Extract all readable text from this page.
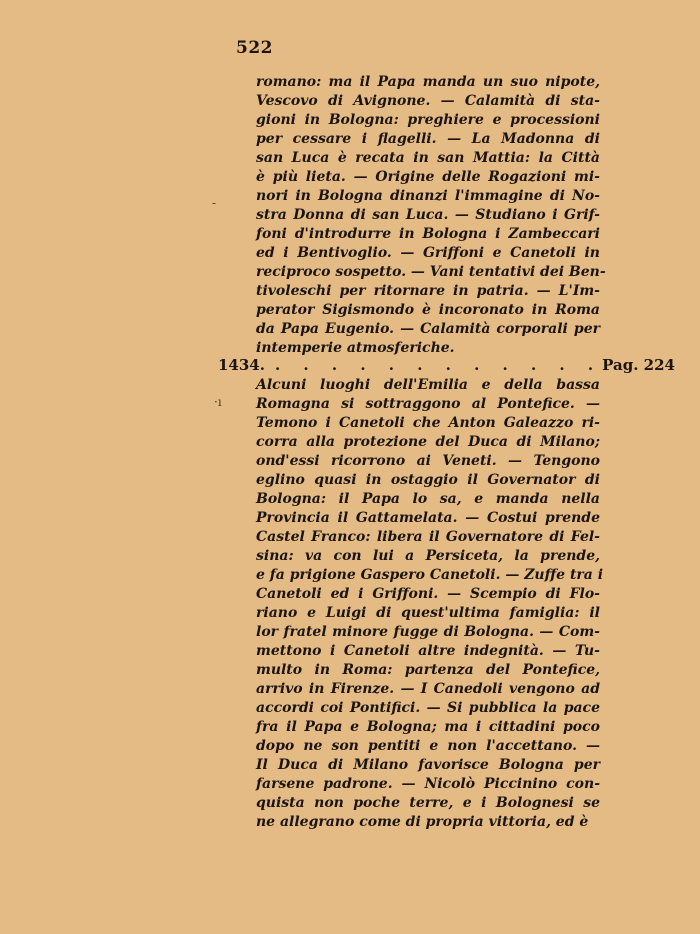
522
romano: ma il Papa manda un suo nipote,
Vescovo di Avignone. — Calamità di sta-
gioni in Bologna: preghiere e processioni
per cessare i flagelli. — La Madonna di
san Luca è recata in san Mattia: la Città
è più lieta. — Origine delle Rogazioni mi-
nori in Bologna dinanzi l'immagine di No-
stra Donna di san Luca. — Studiano i Grif-
foni d'introdurre in Bologna i Zambeccari
ed i Bentivoglio. — Griffoni e Canetoli in
reciproco sospetto. — Vani tentativi dei Ben-
tivoleschi per ritornare in patria. — L'Im-
perator Sigismondo è incoronato in Roma
da Papa Eugenio. — Calamità corporali per
intemperie atmosferiche.
1434. . . . . . . . . . . . . Pag. 224
Alcuni luoghi dell'Emilia e della bassa
Romagna si sottraggono al Pontefice. —
Temono i Canetoli che Anton Galeazzo ri-
corra alla protezione del Duca di Milano;
ond'essi ricorrono ai Veneti. — Tengono
eglino quasi in ostaggio il Governator di
Bologna: il Papa lo sa, e manda nella
Provincia il Gattamelata. — Costui prende
Castel Franco: libera il Governatore di Fel-
sina: va con lui a Persiceta, la prende,
e fa prigione Gaspero Canetoli. — Zuffe tra i
Canetoli ed i Griffoni. — Scempio di Flo-
riano e Luigi di quest'ultima famiglia: il
lor fratel minore fugge di Bologna. — Com-
mettono i Canetoli altre indegnità. — Tu-
multo in Roma: partenza del Pontefice,
arrivo in Firenze. — I Canedoli vengono ad
accordi coi Pontifici. — Si pubblica la pace
fra il Papa e Bologna; ma i cittadini poco
dopo ne son pentiti e non l'accettano. —
Il Duca di Milano favorisce Bologna per
farsene padrone. — Nicolò Piccinino con-
quista non poche terre, e i Bolognesi se
ne allegrano come di propria vittoria, ed è
-
·ı
